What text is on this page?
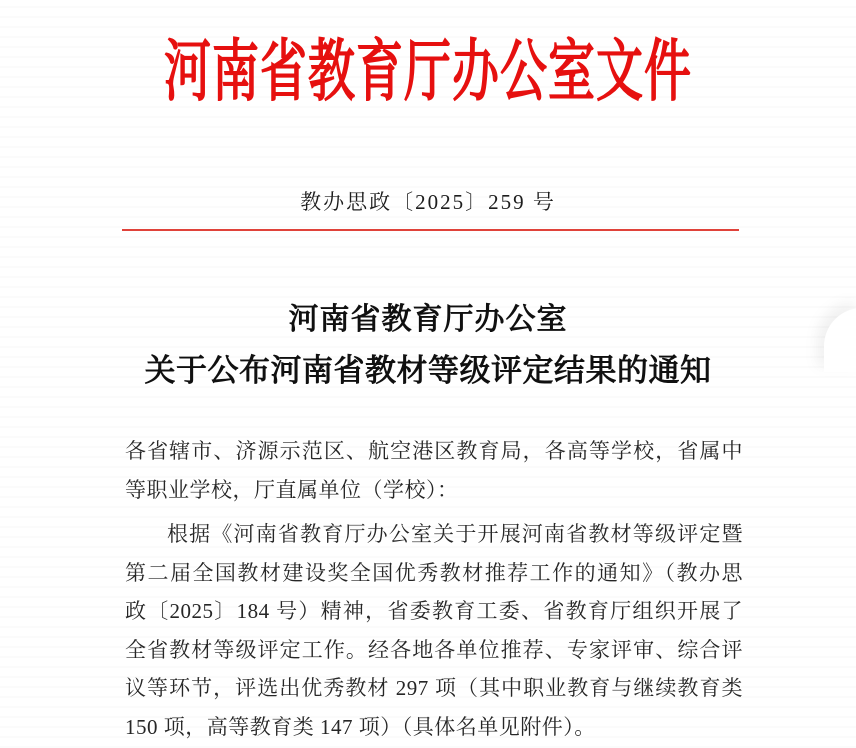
河南省教育厅办公室文件
教办思政〔2025〕259 号
河南省教育厅办公室
关于公布河南省教材等级评定结果的通知
各省辖市、济源示范区、航空港区教育局，各高等学校，省属中
等职业学校，厅直属单位（学校）：
根据《河南省教育厅办公室关于开展河南省教材等级评定暨
第二届全国教材建设奖全国优秀教材推荐工作的通知》（教办思
政〔2025〕184 号）精神，省委教育工委、省教育厅组织开展了
全省教材等级评定工作。经各地各单位推荐、专家评审、综合评
议等环节，评选出优秀教材 297 项（其中职业教育与继续教育类
150 项，高等教育类 147 项）（具体名单见附件）。
